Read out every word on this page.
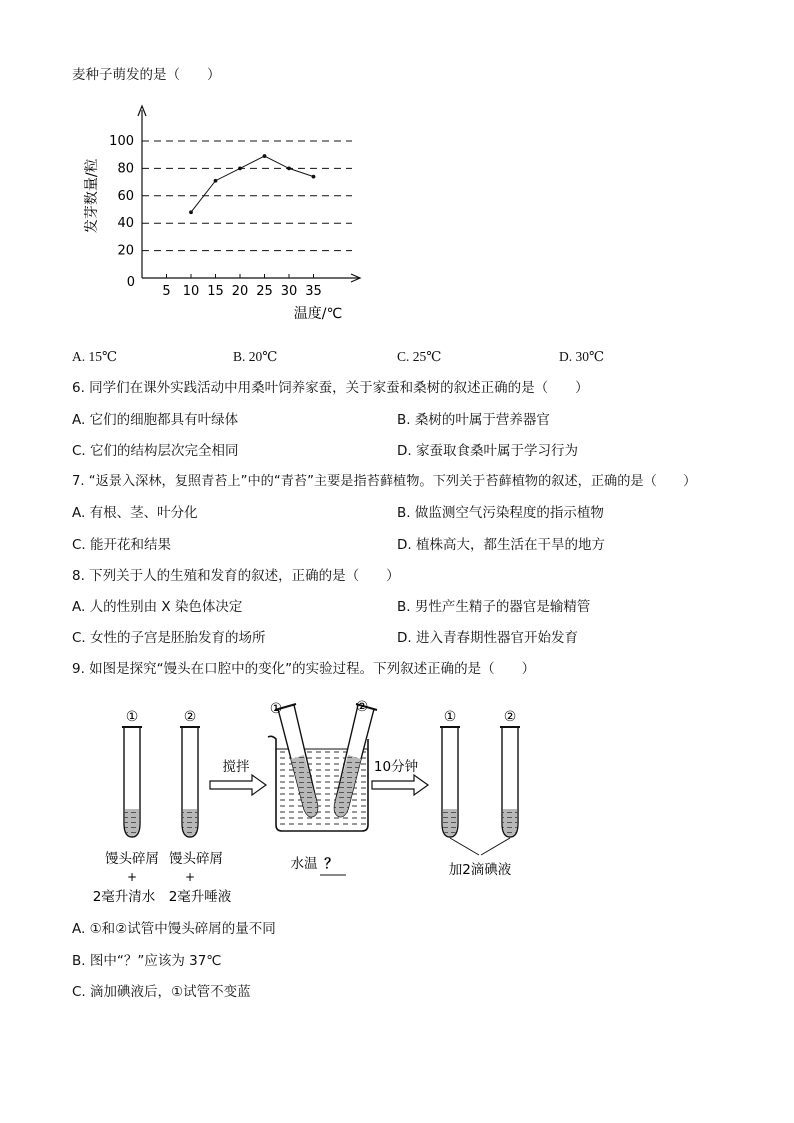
麦种子萌发的是（　　）
20
40
60
80
100
5 10 15 20 25 30 35
0
温度/℃
发芽数量/粒
A. 15℃	B. 20℃	C. 25℃	D. 30℃
6. 同学们在课外实践活动中用桑叶饲养家蚕，关于家蚕和桑树的叙述正确的是（　　）
A. 它们的细胞都具有叶绿体	B. 桑树的叶属于营养器官
C. 它们的结构层次完全相同	D. 家蚕取食桑叶属于学习行为
7. “返景入深林，复照青苔上”中的“青苔”主要是指苔藓植物。下列关于苔藓植物的叙述，正确的是（　　）
A. 有根、茎、叶分化	B. 做监测空气污染程度的指示植物
C. 能开花和结果	D. 植株高大，都生活在干旱的地方
8. 下列关于人的生殖和发育的叙述，正确的是（　　）
A. 人的性别由 X 染色体决定	B. 男性产生精子的器官是输精管
C. 女性的子宫是胚胎发育的场所	D. 进入青春期性器官开始发育
9. 如图是探究“馒头在口腔中的变化”的实验过程。下列叙述正确的是（　　）
①	②
馒头碎屑 馒头碎屑
+	+
2毫升清水 2毫升唾液
搅拌
①	②
水温 ？
10分钟
①	②
加2滴碘液
A. ①和②试管中馒头碎屑的量不同
B. 图中“？”应该为 37℃
C. 滴加碘液后，①试管不变蓝
